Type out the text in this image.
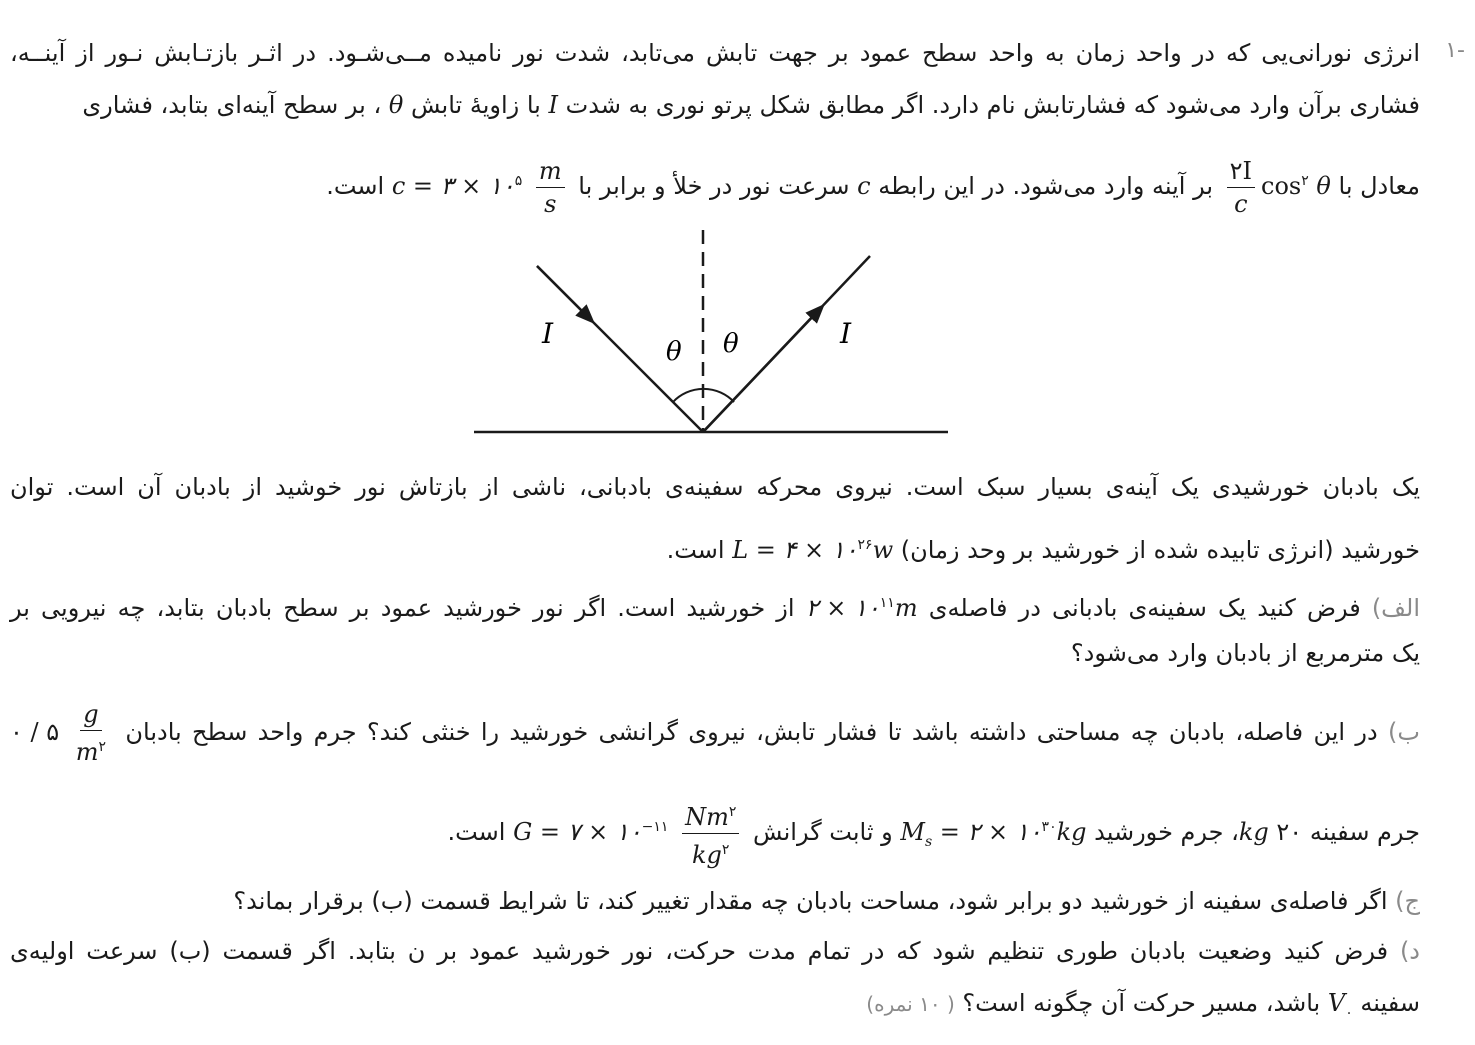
-۱
انرژی نورانی‌یی که در واحد زمان به واحد سطح عمود بر جهت تابش می‌تابد، شدت نور نامیده مــی‌شـود. در اثـر بازتـابش نـور از آینــه،
فشاری برآن وارد می‌شود که فشارتابش نام دارد. اگر مطابق شکل پرتو نوری به شدت I با زاویهٔ تابش θ ، بر سطح آینه‌ای بتابد، فشاری
معادل با
$\frac{۲I}{c} \cos^۲ \theta$ بر آینه وارد می‌شود. در این رابطه c سرعت نور در خلأ و برابر با c = ۳ × $۱۰^۵ \frac{m}{s}$
است.
I	I
θ θ
یک بادبان خورشیدی یک آینه‌ی بسیار سبک است. نیروی محرکه سفینه‌ی بادبانی، ناشی از بازتاش نور خوشید از بادبان آن است. توان
خورشید (انرژی تابیده شده از خورشید بر وحد زمان) L = ۴ × $۱۰^{۲۶}w$ است.
الف) فرض کنید یک سفینه‌ی بادبانی در فاصله‌ی ۲ × $۱۰^{۱۱}m$ از خورشید است. اگر نور خورشید عمود بر سطح بادبان بتابد، چه نیرویی بر
یک مترمربع از بادبان وارد می‌شود؟
ب) در این فاصله، بادبان چه مساحتی داشته باشد تا فشار تابش، نیروی گرانشی خورشید را خنثی کند؟ جرم واحد سطح بادبان ۰ / ۵ $\frac{g}{m^۲}$
جرم سفینه ۲۰ kg، جرم خورشید $M_s$ = ۲ × $۱۰^{۳۰}kg$ و ثابت گرانش G = ۷ × $۱۰^{-۱۱} \frac{Nm^۲}{kg^۲}$
است.
ج) اگر فاصله‌ی سفینه از خورشید دو برابر شود، مساحت بادبان چه مقدار تغییر کند، تا شرایط قسمت (ب) برقرار بماند؟
د) فرض کنید وضعیت بادبان طوری تنظیم شود که در تمام مدت حرکت، نور خورشید عمود بر ن بتابد. اگر قسمت (ب) سرعت اولیه‌ی
سفینه $V_۰$ باشد، مسیر حرکت آن چگونه است؟ ( ۱۰ نمره)
